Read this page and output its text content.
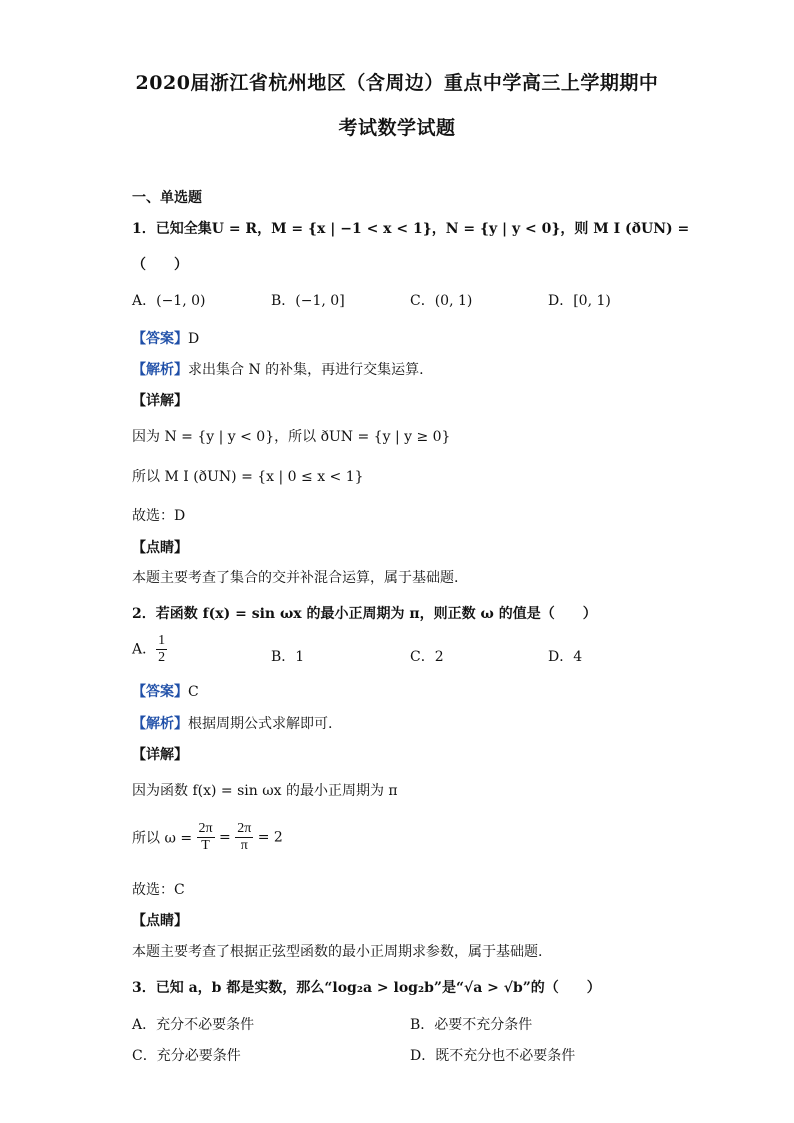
2020届浙江省杭州地区（含周边）重点中学高三上学期期中
考试数学试题
一、单选题
1．已知全集U = R，M = {x | −1 < x < 1}，N = {y | y < 0}，则 M I (ðUN) =
（　　）
A．(−1, 0)	B．(−1, 0]	C．(0, 1)	D．[0, 1)
【答案】D
【解析】求出集合 N 的补集，再进行交集运算.
【详解】
因为 N = {y | y < 0}，所以 ðUN = {y | y ≥ 0}
所以 M I (ðUN) = {x | 0 ≤ x < 1}
故选：D
【点睛】
本题主要考查了集合的交并补混合运算，属于基础题.
2．若函数 f(x) = sin ωx 的最小正周期为 π，则正数 ω 的值是（　　）
A． $\frac{1}{2}$	B．1	C．2	D．4
【答案】C
【解析】根据周期公式求解即可.
【详解】
因为函数 f(x) = sin ωx 的最小正周期为 π
所以 $\omega = \frac{2\pi}{T} = \frac{2\pi}{\pi} = 2$
故选：C
【点睛】
本题主要考查了根据正弦型函数的最小正周期求参数，属于基础题.
3．已知 a，b 都是实数，那么“log₂a > log₂b”是“√a > √b”的（　　）
A．充分不必要条件	B．必要不充分条件
C．充分必要条件	D．既不充分也不必要条件
